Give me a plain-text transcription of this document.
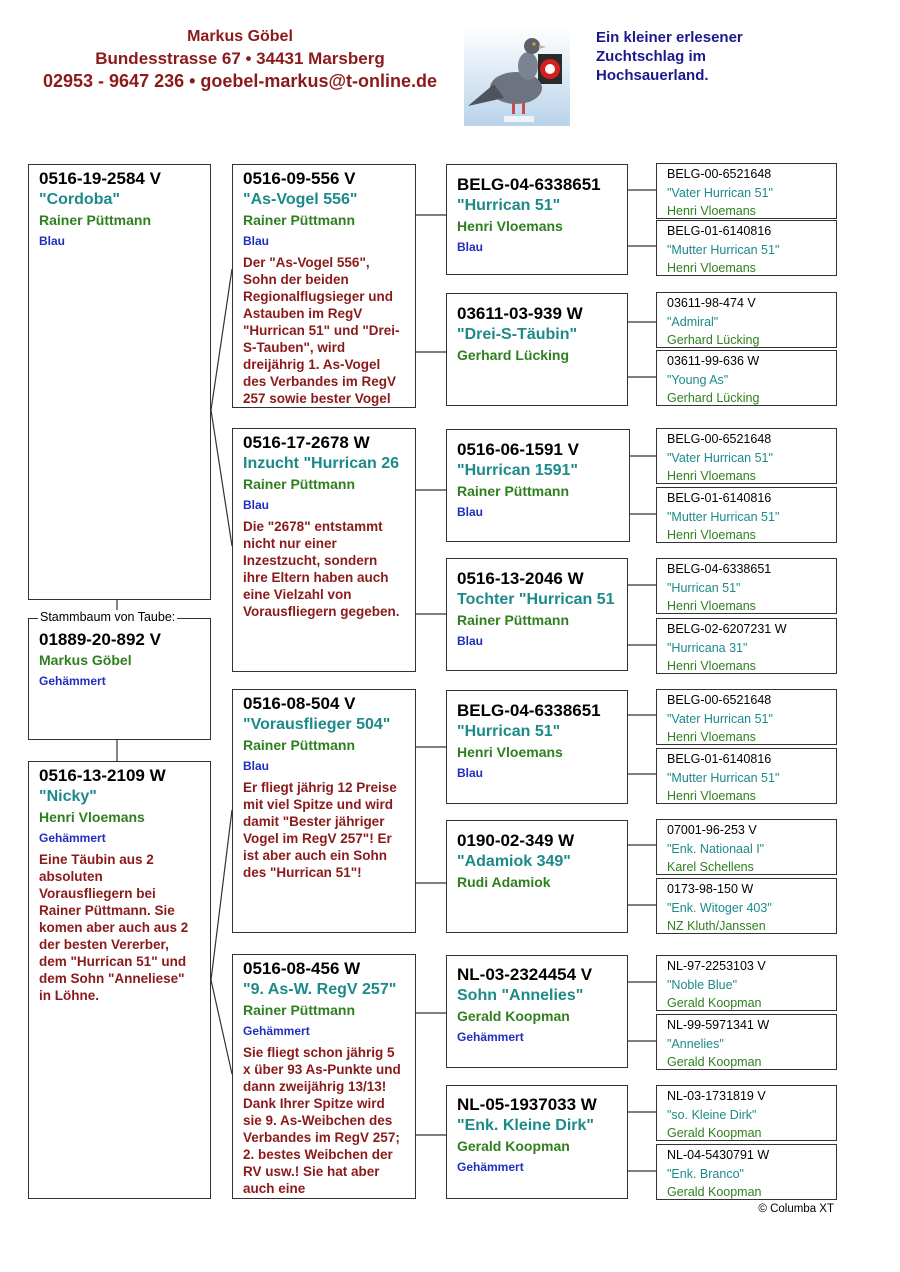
Markus Göbel
Bundesstrasse 67 • 34431 Marsberg
02953 - 9647 236 • goebel-markus@t-online.de
Ein kleiner erlesener
Zuchtschlag im
Hochsauerland.
0516-19-2584 V
"Cordoba"
Rainer Püttmann
Blau
01889-20-892 V
Markus Göbel
Gehämmert
Stammbaum von Taube:
0516-13-2109 W
"Nicky"
Henri Vloemans
Gehämmert
Eine Täubin aus 2 absoluten Vorausfliegern bei Rainer Püttmann. Sie komen aber auch aus 2 der besten Vererber, dem "Hurrican 51" und dem Sohn "Anneliese" in Löhne.
0516-09-556 V
"As-Vogel 556"
Rainer Püttmann
Blau
Der "As-Vogel 556", Sohn der beiden Regionalflugsieger und Astauben im RegV "Hurrican 51" und "Drei-S-Tauben", wird dreijährig 1. As-Vogel des Verbandes im RegV 257 sowie bester Vogel
0516-17-2678 W
Inzucht "Hurrican 26
Rainer Püttmann
Blau
Die "2678" entstammt nicht nur einer Inzestzucht, sondern ihre Eltern haben auch eine Vielzahl von Vorausfliegern gegeben.
0516-08-504 V
"Vorausflieger 504"
Rainer Püttmann
Blau
Er fliegt jährig 12 Preise mit viel Spitze und wird damit "Bester jähriger Vogel im RegV 257"! Er ist aber auch ein Sohn des "Hurrican 51"!
0516-08-456 W
"9. As-W. RegV 257"
Rainer Püttmann
Gehämmert
Sie fliegt schon jährig 5 x über 93 As-Punkte und dann zweijährig 13/13! Dank Ihrer Spitze wird sie 9. As-Weibchen des Verbandes im RegV 257; 2. bestes Weibchen der RV usw.! Sie hat aber auch eine
BELG-04-6338651
"Hurrican 51"
Henri Vloemans
Blau
03611-03-939 W
"Drei-S-Täubin"
Gerhard Lücking
0516-06-1591 V
"Hurrican 1591"
Rainer Püttmann
Blau
0516-13-2046 W
Tochter "Hurrican 51
Rainer Püttmann
Blau
BELG-04-6338651
"Hurrican 51"
Henri Vloemans
Blau
0190-02-349 W
"Adamiok 349"
Rudi Adamiok
NL-03-2324454 V
Sohn "Annelies"
Gerald Koopman
Gehämmert
NL-05-1937033 W
"Enk. Kleine Dirk"
Gerald Koopman
Gehämmert
BELG-00-6521648
"Vater Hurrican 51"
Henri Vloemans
BELG-01-6140816
"Mutter Hurrican 51"
Henri Vloemans
03611-98-474 V
"Admiral"
Gerhard Lücking
03611-99-636 W
"Young As"
Gerhard Lücking
BELG-00-6521648
"Vater Hurrican 51"
Henri Vloemans
BELG-01-6140816
"Mutter Hurrican 51"
Henri Vloemans
BELG-04-6338651
"Hurrican 51"
Henri Vloemans
BELG-02-6207231 W
"Hurricana 31"
Henri Vloemans
BELG-00-6521648
"Vater Hurrican 51"
Henri Vloemans
BELG-01-6140816
"Mutter Hurrican 51"
Henri Vloemans
07001-96-253 V
"Enk. Nationaal I"
Karel Schellens
0173-98-150 W
"Enk. Witoger 403"
NZ Kluth/Janssen
NL-97-2253103 V
"Noble Blue"
Gerald Koopman
NL-99-5971341 W
"Annelies"
Gerald Koopman
NL-03-1731819 V
"so. Kleine Dirk"
Gerald Koopman
NL-04-5430791 W
"Enk. Branco"
Gerald Koopman
© Columba XT
